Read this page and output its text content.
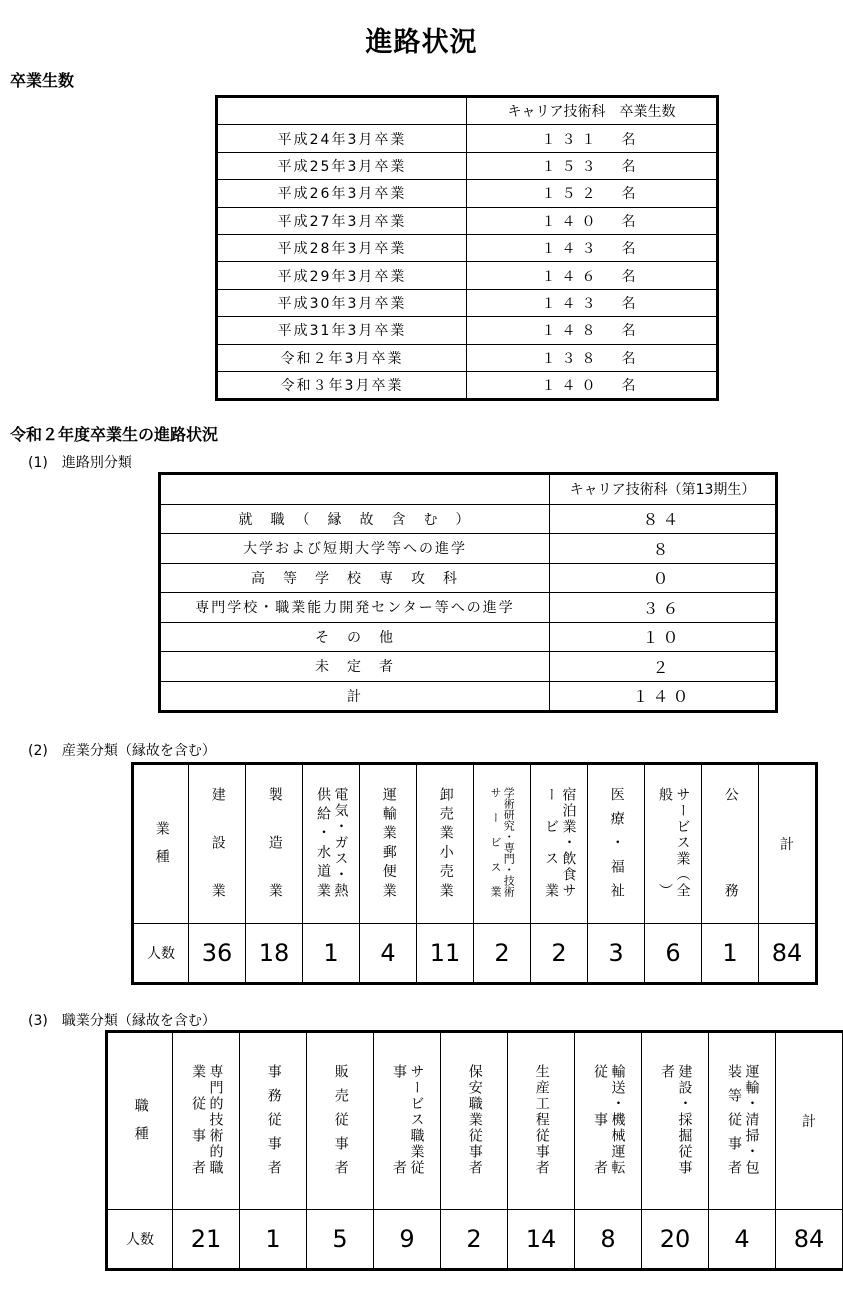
進路状況
卒業生数
	キャリア技術科　卒業生数
平成24年3月卒業	１３１　名
平成25年3月卒業	１５３　名
平成26年3月卒業	１５２　名
平成27年3月卒業	１４０　名
平成28年3月卒業	１４３　名
平成29年3月卒業	１４６　名
平成30年3月卒業	１４３　名
平成31年3月卒業	１４８　名
令和２年3月卒業	１３８　名
令和３年3月卒業	１４０　名
令和２年度卒業生の進路状況
(1)　進路別分類
	キャリア技術科（第13期生）
就　職　（　縁　故　含　む　）	８４
大学および短期大学等への進学	８
高　等　学　校　専　攻　科	０
専門学校・職業能力開発センター等への進学	３６
そ　の　他	１０
未　定　者	２
計	１４０
(2)　産業分類（縁故を含む）
業　種	建設業	製造業	電気・ガス・熱供給・水道業	運輸業郵便業	卸売業小売業	学術研究・専門・技術サービス業	宿泊業・飲食サービス業	医療・福祉	サービス業（全般）	公務	計
人数	36	18	1	4	11	2	2	3	6	1	84
(3)　職業分類（縁故を含む）
職　種	専門的技術的職業従事者	事務従事者	販売従事者	サービス職業従事者	保安職業従事者	生産工程従事者	輸送・機械運転従事者	建設・採掘従事者	運輸・清掃・包装等従事者	計
人数	21	1	5	9	2	14	8	20	4	84
